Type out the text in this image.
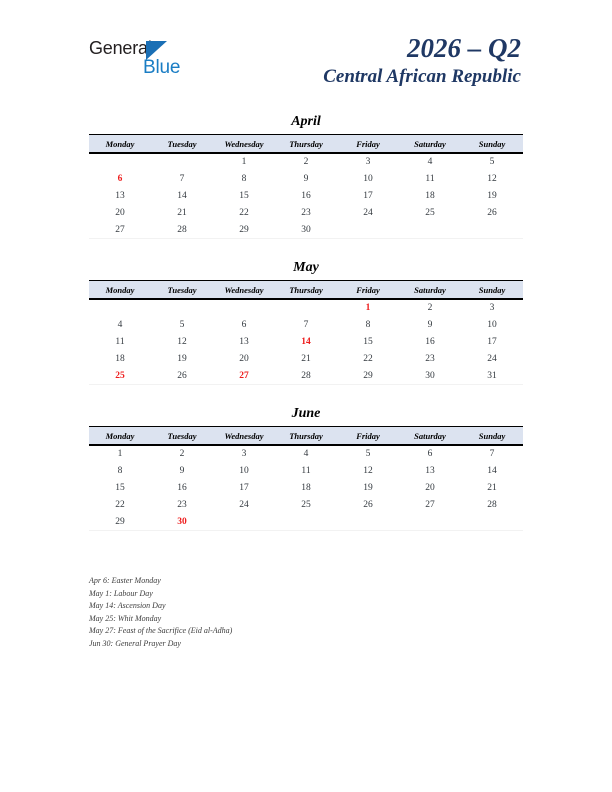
General
Blue
2026 – Q2
Central African Republic
April
Monday	Tuesday	Wednesday	Thursday	Friday	Saturday	Sunday
		1	2	3	4	5
6	7	8	9	10	11	12
13	14	15	16	17	18	19
20	21	22	23	24	25	26
27	28	29	30			
May
Monday	Tuesday	Wednesday	Thursday	Friday	Saturday	Sunday
				1	2	3
4	5	6	7	8	9	10
11	12	13	14	15	16	17
18	19	20	21	22	23	24
25	26	27	28	29	30	31
June
Monday	Tuesday	Wednesday	Thursday	Friday	Saturday	Sunday
1	2	3	4	5	6	7
8	9	10	11	12	13	14
15	16	17	18	19	20	21
22	23	24	25	26	27	28
29	30					
Apr 6: Easter Monday
May 1: Labour Day
May 14: Ascension Day
May 25: Whit Monday
May 27: Feast of the Sacrifice (Eid al-Adha)
Jun 30: General Prayer Day
